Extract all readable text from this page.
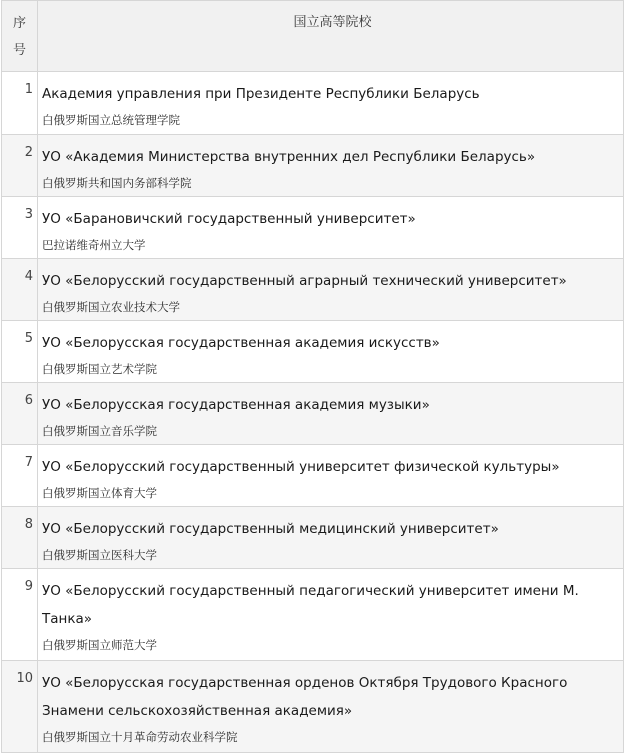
序
号
国立高等院校
1 Академия управления при Президенте Республики Беларусь
白俄罗斯国立总统管理学院
2 УО «Академия Министерства внутренних дел Республики Беларусь»
白俄罗斯共和国内务部科学院
3 УО «Барановичский государственный университет»
巴拉诺维奇州立大学
4 УО «Белорусский государственный аграрный технический университет»
白俄罗斯国立农业技术大学
5 УО «Белорусская государственная академия искусств»
白俄罗斯国立艺术学院
6 УО «Белорусская государственная академия музыки»
白俄罗斯国立音乐学院
7 УО «Белорусский государственный университет физической культуры»
白俄罗斯国立体育大学
8 УО «Белорусский государственный медицинский университет»
白俄罗斯国立医科大学
9 УО «Белорусский государственный педагогический университет имени М. Танка»
白俄罗斯国立师范大学
10 УО «Белорусская государственная орденов Октября Трудового Красного Знамени сельскохозяйственная академия»
白俄罗斯国立十月革命劳动农业科学院
